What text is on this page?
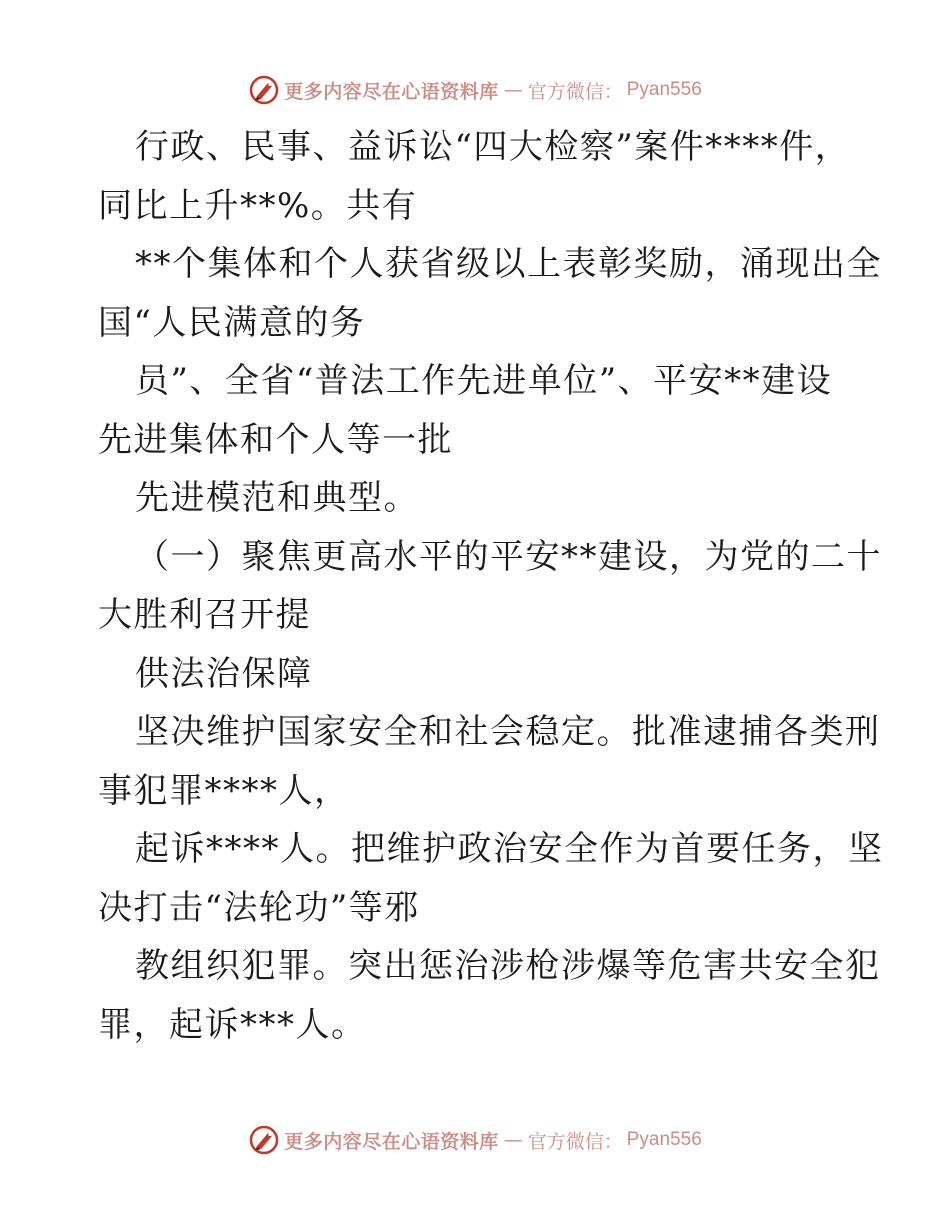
更多内容尽在心语资料库 — 官方微信： Pyan556
行政、民事、益诉讼“四大检察”案件****件，
同比上升**%。共有
**个集体和个人获省级以上表彰奖励，涌现出全
国“人民满意的务
员”、全省“普法工作先进单位”、平安**建设
先进集体和个人等一批
先进模范和典型。
（一）聚焦更高水平的平安**建设，为党的二十
大胜利召开提
供法治保障
坚决维护国家安全和社会稳定。批准逮捕各类刑
事犯罪****人，
起诉****人。把维护政治安全作为首要任务，坚
决打击“法轮功”等邪
教组织犯罪。突出惩治涉枪涉爆等危害共安全犯
罪，起诉***人。
更多内容尽在心语资料库 — 官方微信： Pyan556
